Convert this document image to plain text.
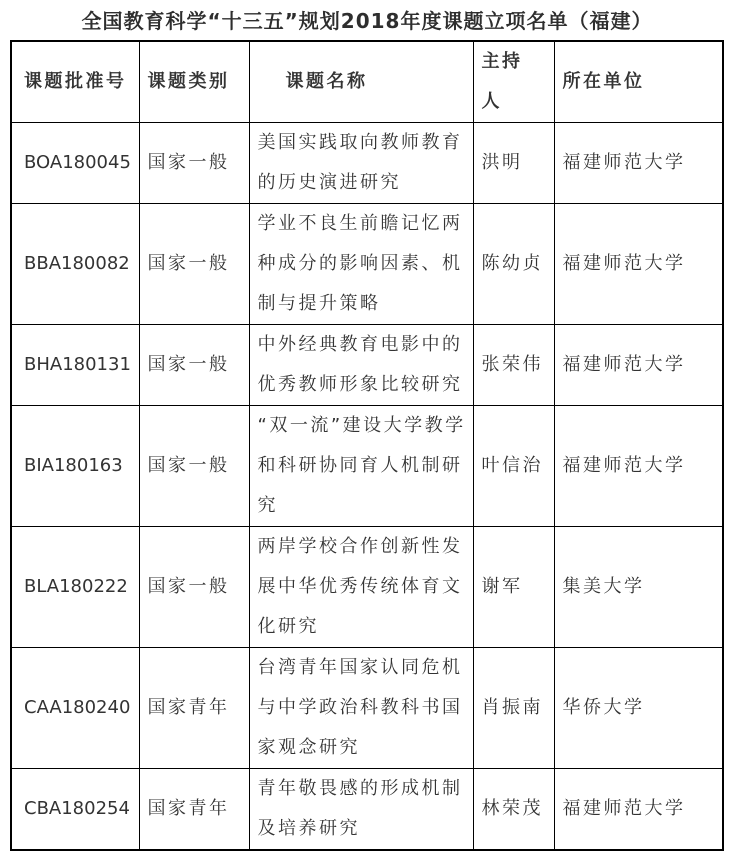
全国教育科学“十三五”规划2018年度课题立项名单（福建）
课题批准号	课题类别	课题名称	主持人	所在单位
BOA180045	国家一般	美国实践取向教师教育的历史演进研究	洪明	福建师范大学
BBA180082	国家一般	学业不良生前瞻记忆两种成分的影响因素、机制与提升策略	陈幼贞	福建师范大学
BHA180131	国家一般	中外经典教育电影中的优秀教师形象比较研究	张荣伟	福建师范大学
BIA180163	国家一般	“双一流”建设大学教学和科研协同育人机制研究	叶信治	福建师范大学
BLA180222	国家一般	两岸学校合作创新性发展中华优秀传统体育文化研究	谢军	集美大学
CAA180240	国家青年	台湾青年国家认同危机与中学政治科教科书国家观念研究	肖振南	华侨大学
CBA180254	国家青年	青年敬畏感的形成机制及培养研究	林荣茂	福建师范大学
